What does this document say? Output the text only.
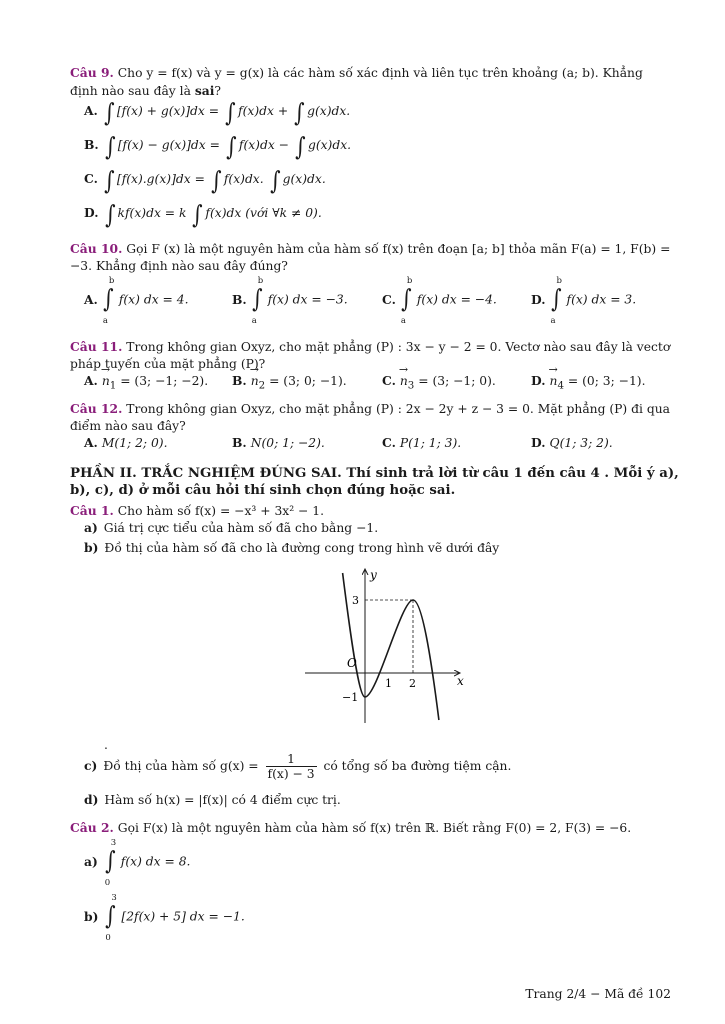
Câu 9. Cho y = f(x) và y = g(x) là các hàm số xác định và liên tục trên khoảng (a; b). Khẳng định nào sau đây là sai?
A. ∫ [f(x) + g(x)]dx = ∫ f(x)dx + ∫ g(x)dx.
B. ∫ [f(x) − g(x)]dx = ∫ f(x)dx − ∫ g(x)dx.
C. ∫ [f(x).g(x)]dx = ∫ f(x)dx. ∫ g(x)dx.
D. ∫ kf(x)dx = k ∫ f(x)dx (với ∀k ≠ 0).
Câu 10. Gọi F (x) là một nguyên hàm của hàm số f(x) trên đoạn [a; b] thỏa mãn F(a) = 1, F(b) = −3. Khẳng định nào sau đây đúng?
A.
b
∫
a
f(x) dx = 4.	B.
b
∫
a
f(x) dx = −3.	C.
b
∫
a
f(x) dx = −4.	D.
b
∫
a
f(x) dx = 3.
Câu 11. Trong không gian Oxyz, cho mặt phẳng (P) : 3x − y − 2 = 0. Vectơ nào sau đây là vectơ pháp tuyến của mặt phẳng (P)?
$A.\to n_1 = (3$; −1; −2). $B.\to n_2 = (3$; 0; −1).	$C.\to n_3 = (3$; −1; 0).	$D.\to n_4 = (0$; 3; −1).
Câu 12. Trong không gian Oxyz, cho mặt phẳng (P) : 2x − 2y + z − 3 = 0. Mặt phẳng (P) đi qua điểm nào sau đây?
A. M(1; 2; 0).	B. N(0; 1; −2).	C. P(1; 1; 3).	D. Q(1; 3; 2).
PHẦN II. TRẮC NGHIỆM ĐÚNG SAI. Thí sinh trả lời từ câu 1 đến câu 4 . Mỗi ý a), b), c), d) ở mỗi câu hỏi thí sinh chọn đúng hoặc sai.
Câu 1. Cho hàm số f(x) = −x³ + 3x² − 1.
a) Giá trị cực tiểu của hàm số đã cho bằng −1.
b) Đồ thị của hàm số đã cho là đường cong trong hình vẽ dưới đây
y
x
O
1 2
3
−1
.
c) Đồ thị của hàm số $g(x) = \frac{1}{f(x) - 3}$ có tổng số ba đường tiệm cận.
d) Hàm số h(x) = |f(x)| có 4 điểm cực trị.
Câu 2. Gọi F(x) là một nguyên hàm của hàm số f(x) trên ℝ. Biết rằng F(0) = 2, F(3) = −6.
a)
3
∫
0
f(x) dx = 8.
b)
3
∫
0
[2f(x) + 5] dx = −1.
Trang 2/4 − Mã đề 102
